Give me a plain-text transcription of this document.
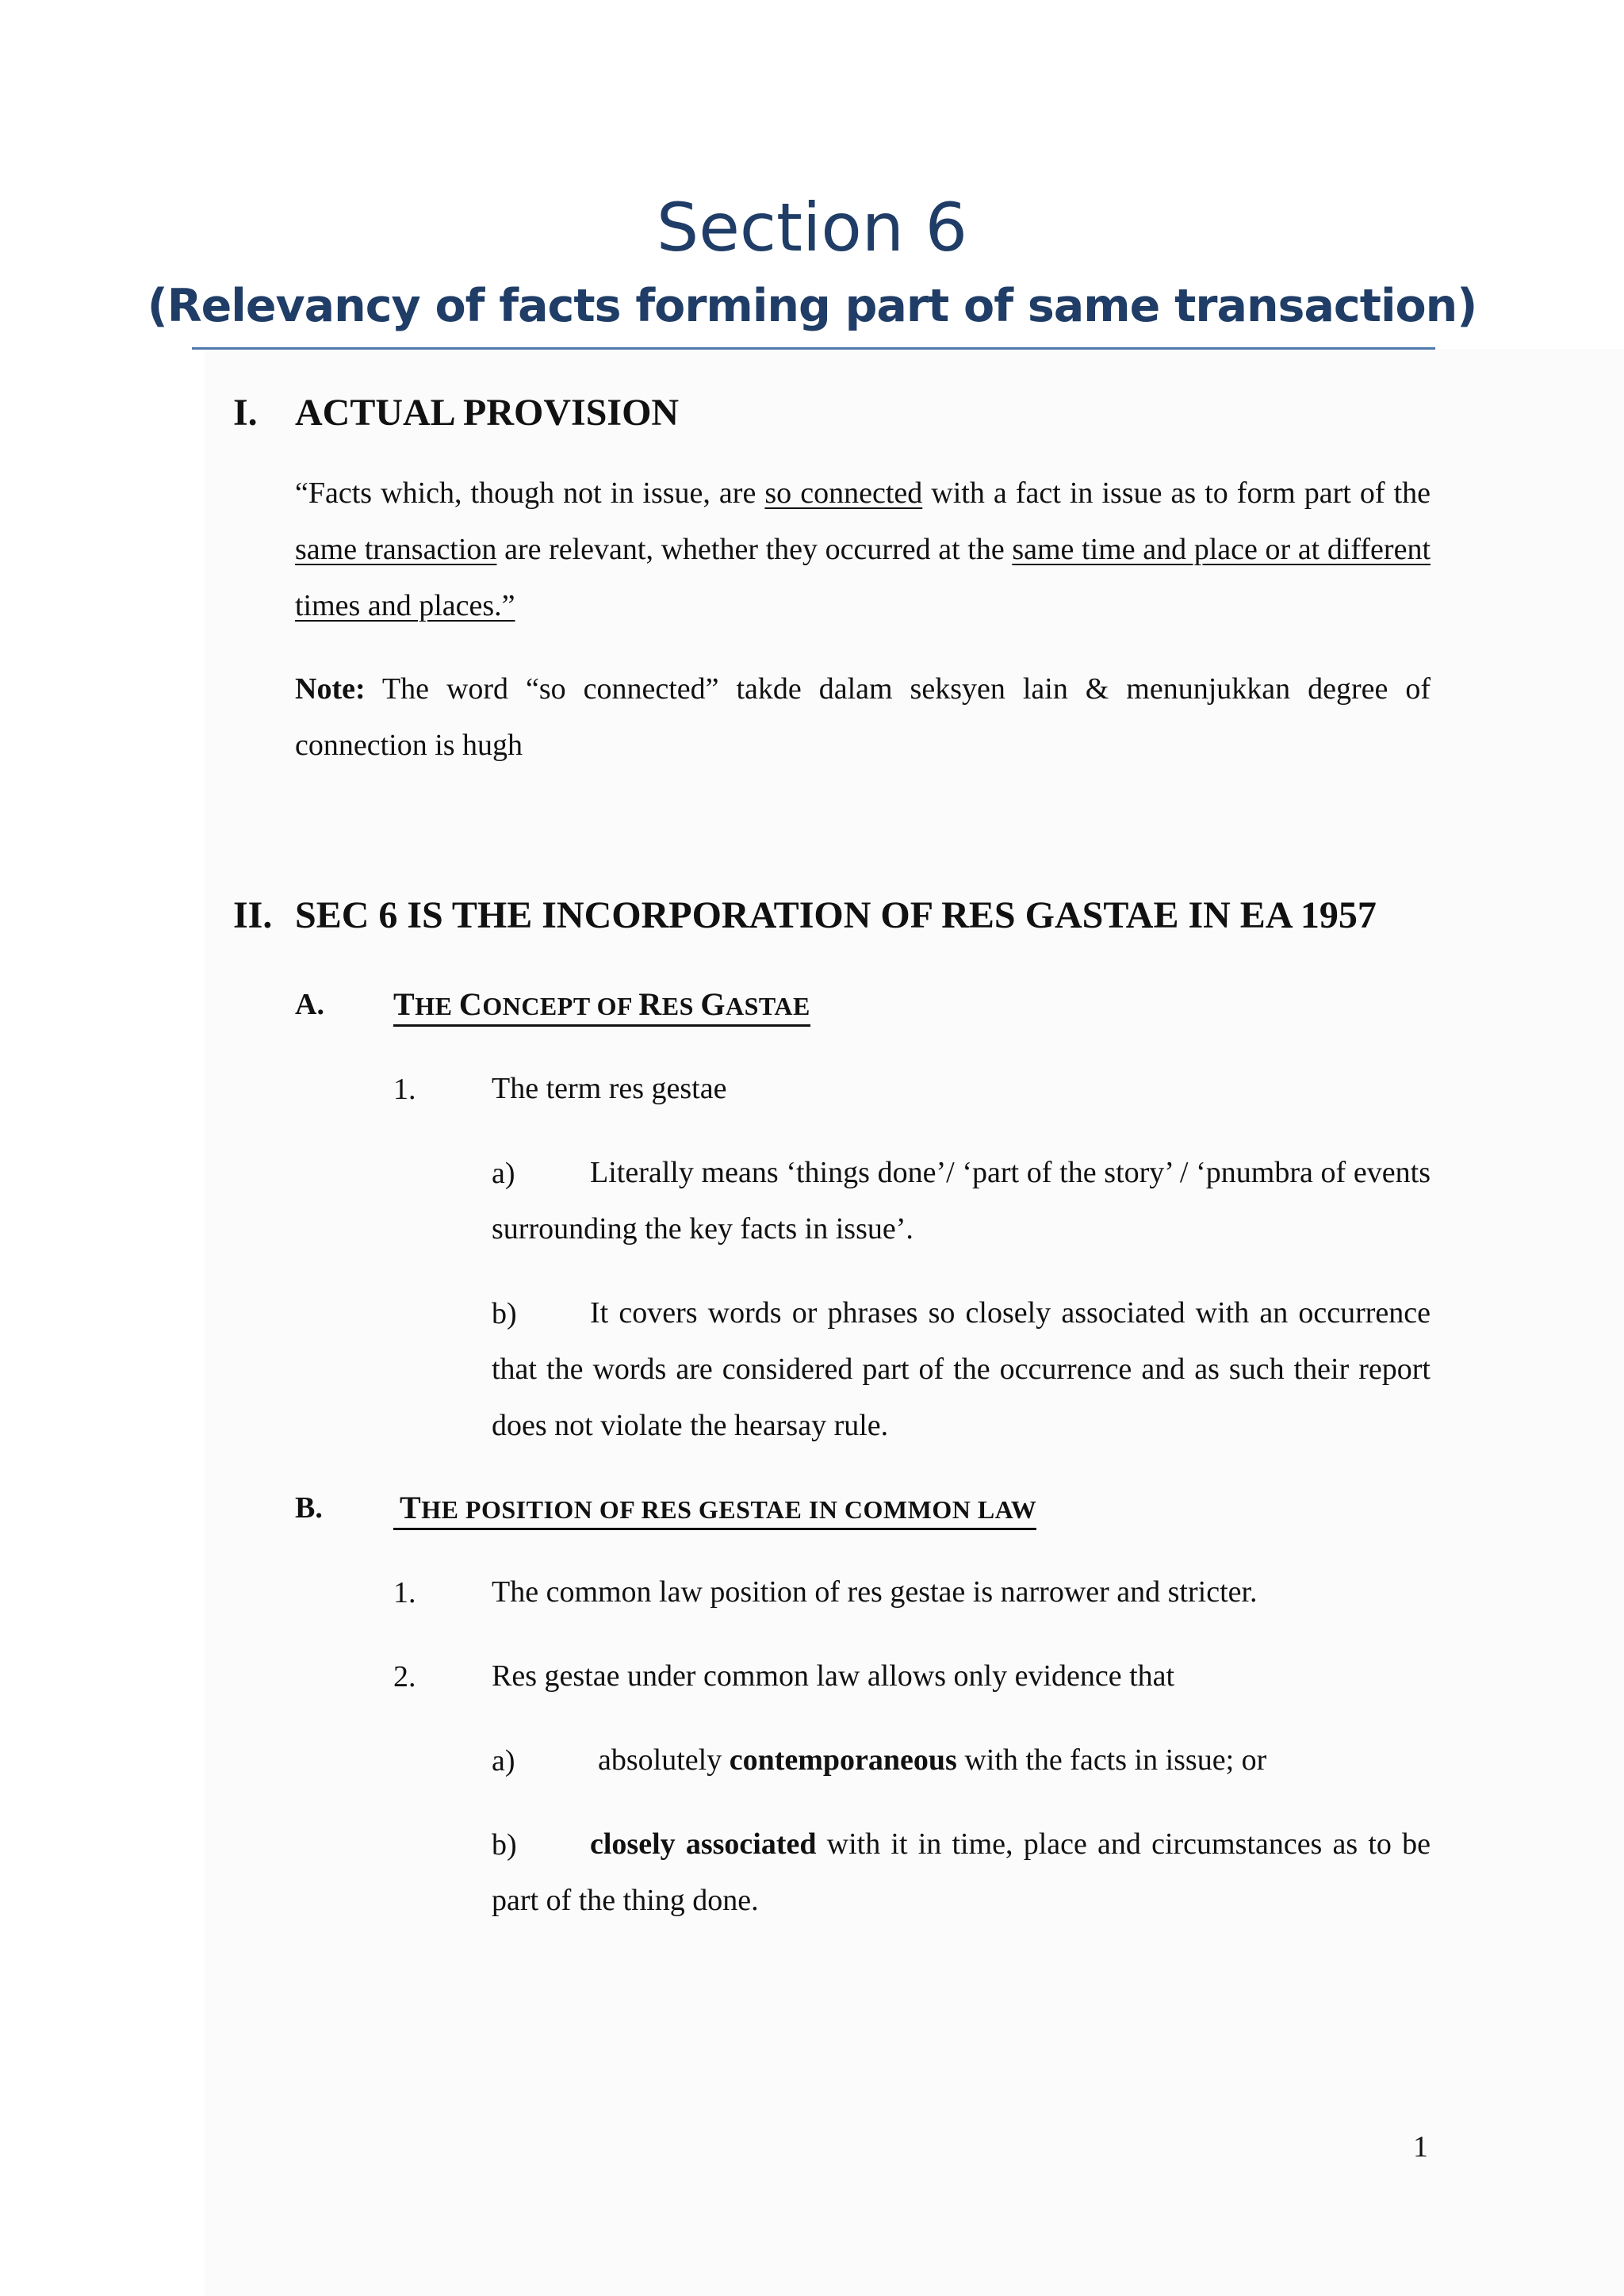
Section 6
(Relevancy of facts forming part of same transaction)
I. ACTUAL PROVISION
“Facts which, though not in issue, are so connected with a fact in issue as to form part of the same transaction are relevant, whether they occurred at the same time and place or at different times and places.”
Note: The word “so connected” takde dalam seksyen lain & menunjukkan degree of connection is hugh
II. SEC 6 IS THE INCORPORATION OF RES GASTAE IN EA 1957
A. THE CONCEPT OF RES GASTAE
1.	The term res gestae
a)	Literally means ‘things done’/ ‘part of the story’ / ‘pnumbra of events surrounding the key facts in issue’.
b)	It covers words or phrases so closely associated with an occurrence that the words are considered part of the occurrence and as such their report does not violate the hearsay rule.
B. THE POSITION OF RES GESTAE IN COMMON LAW
1.	The common law position of res gestae is narrower and stricter.
2.	Res gestae under common law allows only evidence that
a)	absolutely contemporaneous with the facts in issue; or
b)	closely associated with it in time, place and circumstances as to be part of the thing done.
1
